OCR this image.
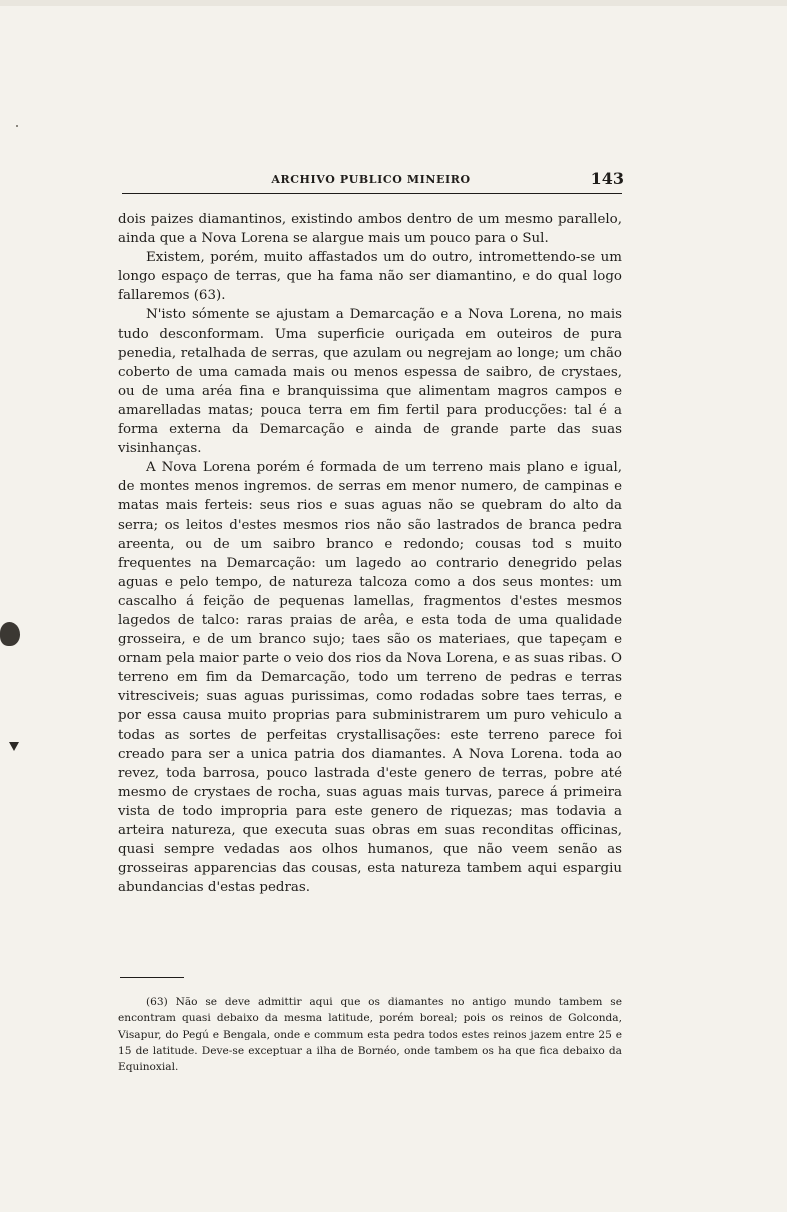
ARCHIVO PUBLICO MINEIRO	143

dois paizes diamantinos, existindo ambos dentro de um mesmo parallelo, ainda que a Nova Lorena se alargue mais um pouco para o Sul.

Existem, porém, muito affastados um do outro, intromettendo-se um longo espaço de terras, que ha fama não ser diamantino, e do qual logo fallaremos (63).

N'isto sómente se ajustam a Demarcação e a Nova Lorena, no mais tudo desconformam. Uma superficie ouriçada em outeiros de pura penedia, retalhada de serras, que azulam ou negrejam ao longe; um chão coberto de uma camada mais ou menos espessa de saibro, de crystaes, ou de uma aréa fina e branquissima que alimentam magros campos e amarelladas matas; pouca terra em fim fertil para producções: tal é a forma externa da Demarcação e ainda de grande parte das suas visinhanças.

A Nova Lorena porém é formada de um terreno mais plano e igual, de montes menos ingremos. de serras em menor numero, de campinas e matas mais ferteis: seus rios e suas aguas não se quebram do alto da serra; os leitos d'estes mesmos rios não são lastrados de branca pedra areenta, ou de um saibro branco e redondo; cousas tod s muito frequentes na Demarcação: um lagedo ao contrario denegrido pelas aguas e pelo tempo, de natureza talcoza como a dos seus montes: um cascalho á feição de pequenas lamellas, fragmentos d'estes mesmos lagedos de talco: raras praias de arêa, e esta toda de uma qualidade grosseira, e de um branco sujo; taes são os materiaes, que tapeçam e ornam pela maior parte o veio dos rios da Nova Lorena, e as suas ribas. O terreno em fim da Demarcação, todo um terreno de pedras e terras vitresciveis; suas aguas purissimas, como rodadas sobre taes terras, e por essa causa muito proprias para subministrarem um puro vehiculo a todas as sortes de perfeitas crystallisações: este terreno parece foi creado para ser a unica patria dos diamantes. A Nova Lorena. toda ao revez, toda barrosa, pouco lastrada d'este genero de terras, pobre até mesmo de crystaes de rocha, suas aguas mais turvas, parece á primeira vista de todo impropria para este genero de riquezas; mas todavia a arteira natureza, que executa suas obras em suas reconditas officinas, quasi sempre vedadas aos olhos humanos, que não veem senão as grosseiras apparencias das cousas, esta natureza tambem aqui espargiu abundancias d'estas pedras.

(63) Não se deve admittir aqui que os diamantes no antigo mundo tambem se encontram quasi debaixo da mesma latitude, porém boreal; pois os reinos de Golconda, Visapur, do Pegú e Bengala, onde e commum esta pedra todos estes reinos jazem entre 25 e 15 de latitude. Deve-se exceptuar a ilha de Bornéo, onde tambem os ha que fica debaixo da Equinoxial.
